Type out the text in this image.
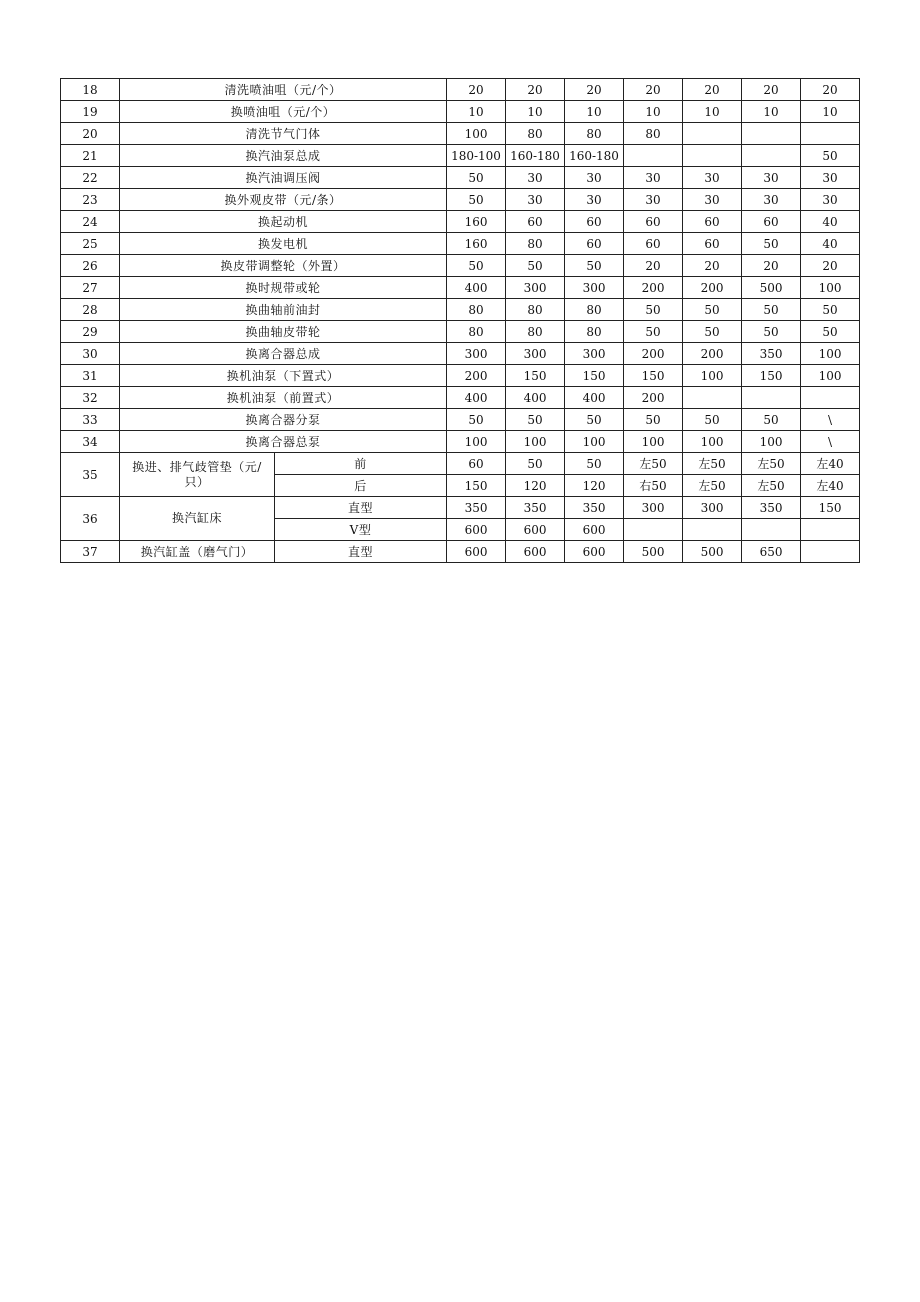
18	清洗喷油咀（元/个）		20	20	20	20	20	20	20
19	换喷油咀（元/个）		10	10	10	10	10	10	10
20	清洗节气门体		100	80	80	80			
21	换汽油泵总成		180-100	160-180	160-180				50
22	换汽油调压阀		50	30	30	30	30	30	30
23	换外观皮带（元/条）		50	30	30	30	30	30	30
24	换起动机		160	60	60	60	60	60	40
25	换发电机		160	80	60	60	60	50	40
26	换皮带调整轮（外置）		50	50	50	20	20	20	20
27	换时规带或轮		400	300	300	200	200	500	100
28	换曲轴前油封		80	80	80	50	50	50	50
29	换曲轴皮带轮		80	80	80	50	50	50	50
30	换离合器总成		300	300	300	200	200	350	100
31	换机油泵（下置式）		200	150	150	150	100	150	100
32	换机油泵（前置式）		400	400	400	200			
33	换离合器分泵		50	50	50	50	50	50	\
34	换离合器总泵		100	100	100	100	100	100	\
35	换进、排气歧管垫（元/只）	前	60	50	50	左50	左50	左50	左40
		后	150	120	120	右50	左50	左50	左40
36	换汽缸床	直型	350	350	350	300	300	350	150
		V型	600	600	600				
37	换汽缸盖（磨气门）	直型	600	600	600	500	500	650	
